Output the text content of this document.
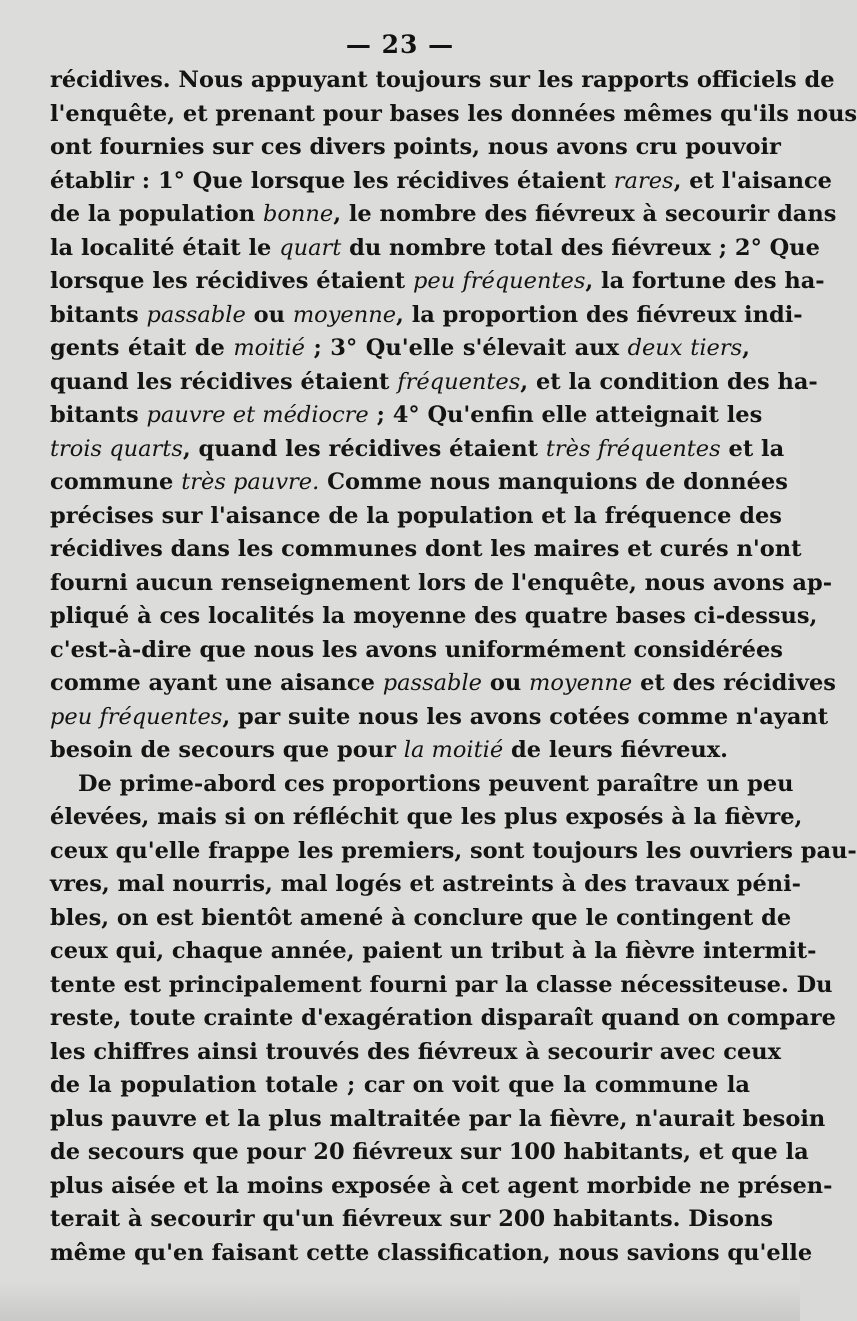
— 23 —
récidives. Nous appuyant toujours sur les rapports officiels de
l'enquête, et prenant pour bases les données mêmes qu'ils nous
ont fournies sur ces divers points, nous avons cru pouvoir
établir : 1° Que lorsque les récidives étaient rares, et l'aisance
de la population bonne, le nombre des fiévreux à secourir dans
la localité était le quart du nombre total des fiévreux ; 2° Que
lorsque les récidives étaient peu fréquentes, la fortune des ha-
bitants passable ou moyenne, la proportion des fiévreux indi-
gents était de moitié ; 3° Qu'elle s'élevait aux deux tiers,
quand les récidives étaient fréquentes, et la condition des ha-
bitants pauvre et médiocre ; 4° Qu'enfin elle atteignait les
trois quarts, quand les récidives étaient très fréquentes et la
commune très pauvre. Comme nous manquions de données
précises sur l'aisance de la population et la fréquence des
récidives dans les communes dont les maires et curés n'ont
fourni aucun renseignement lors de l'enquête, nous avons ap-
pliqué à ces localités la moyenne des quatre bases ci-dessus,
c'est-à-dire que nous les avons uniformément considérées
comme ayant une aisance passable ou moyenne et des récidives
peu fréquentes, par suite nous les avons cotées comme n'ayant
besoin de secours que pour la moitié de leurs fiévreux.
De prime-abord ces proportions peuvent paraître un peu
élevées, mais si on réfléchit que les plus exposés à la fièvre,
ceux qu'elle frappe les premiers, sont toujours les ouvriers pau-
vres, mal nourris, mal logés et astreints à des travaux péni-
bles, on est bientôt amené à conclure que le contingent de
ceux qui, chaque année, paient un tribut à la fièvre intermit-
tente est principalement fourni par la classe nécessiteuse. Du
reste, toute crainte d'exagération disparaît quand on compare
les chiffres ainsi trouvés des fiévreux à secourir avec ceux
de la population totale ; car on voit que la commune la
plus pauvre et la plus maltraitée par la fièvre, n'aurait besoin
de secours que pour 20 fiévreux sur 100 habitants, et que la
plus aisée et la moins exposée à cet agent morbide ne présen-
terait à secourir qu'un fiévreux sur 200 habitants. Disons
même qu'en faisant cette classification, nous savions qu'elle
